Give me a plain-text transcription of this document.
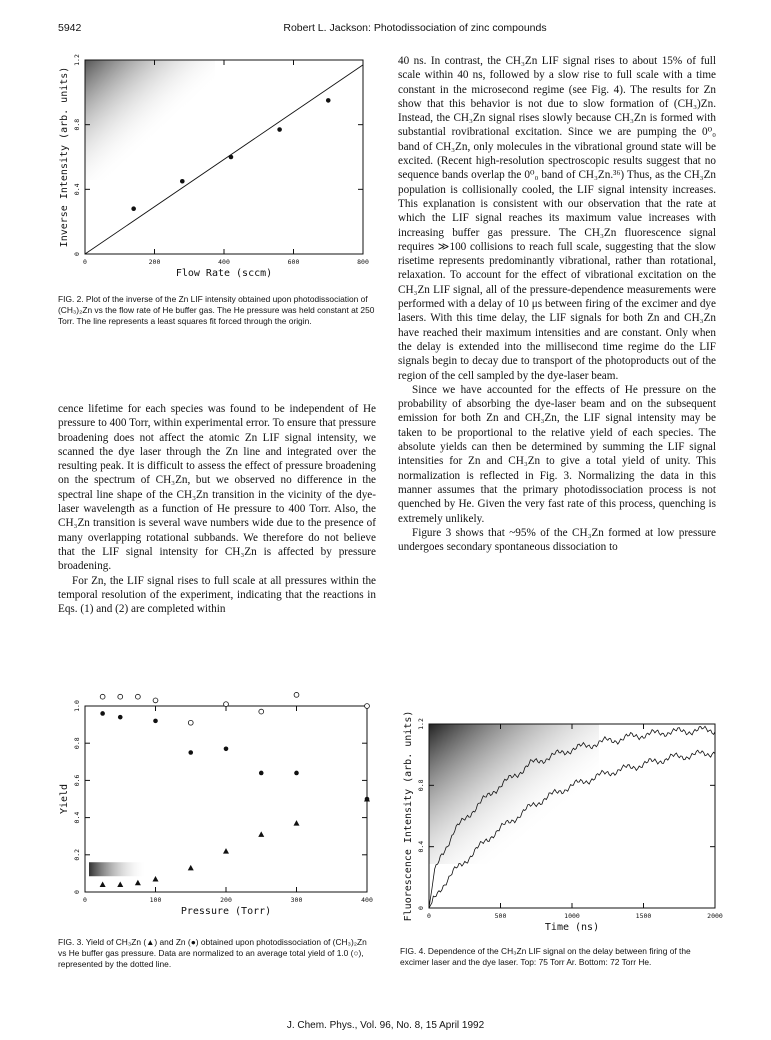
5942	Robert L. Jackson: Photodissociation of zinc compounds
0	200	400	600	800
0
0.4
0.8
1.2
Flow Rate (sccm)
Inverse Intensity (arb. units)
FIG. 2. Plot of the inverse of the Zn LIF intensity obtained upon photodissociation of (CH₃)₂Zn vs the flow rate of He buffer gas. The He pressure was held constant at 250 Torr. The line represents a least squares fit forced through the origin.

cence lifetime for each species was found to be independent of He pressure to 400 Torr, within experimental error. To ensure that pressure broadening does not affect the atomic Zn LIF signal intensity, we scanned the dye laser through the Zn line and integrated over the resulting peak. It is difficult to assess the effect of pressure broadening on the spectrum of CH₃Zn, but we observed no difference in the spectral line shape of the CH₃Zn transition in the vicinity of the dye-laser wavelength as a function of He pressure to 400 Torr. Also, the CH₃Zn transition is several wave numbers wide due to the presence of many overlapping rotational subbands. We therefore do not believe that the LIF signal intensity for CH₃Zn is affected by pressure broadening.

For Zn, the LIF signal rises to full scale at all pressures within the temporal resolution of the experiment, indicating that the reactions in Eqs. (1) and (2) are completed within

40 ns. In contrast, the CH₃Zn LIF signal rises to about 15% of full scale within 40 ns, followed by a slow rise to full scale with a time constant in the microsecond regime (see Fig. 4). The results for Zn show that this behavior is not due to slow formation of (CH₃)Zn. Instead, the CH₃Zn signal rises slowly because CH₃Zn is formed with substantial rovibrational excitation. Since we are pumping the 0⁰₀ band of CH₃Zn, only molecules in the vibrational ground state will be excited. (Recent high-resolution spectroscopic results suggest that no sequence bands overlap the 0⁰₀ band of CH₃Zn.³⁶) Thus, as the CH₃Zn population is collisionally cooled, the LIF signal intensity increases. This explanation is consistent with our observation that the rate at which the LIF signal reaches its maximum value increases with increasing buffer gas pressure. The CH₃Zn fluorescence signal requires ≫100 collisions to reach full scale, suggesting that the slow risetime represents predominantly vibrational, rather than rotational, relaxation. To account for the effect of vibrational excitation on the CH₃Zn LIF signal, all of the pressure-dependence measurements were performed with a delay of 10 μs between firing of the excimer and dye lasers. With this time delay, the LIF signals for both Zn and CH₃Zn have reached their maximum intensities and are constant. Only when the delay is extended into the millisecond time regime do the LIF signals begin to decay due to transport of the photoproducts out of the region of the cell sampled by the dye-laser beam.

Since we have accounted for the effects of He pressure on the probability of absorbing the dye-laser beam and on the subsequent emission for both Zn and CH₃Zn, the LIF signal intensity may be taken to be proportional to the relative yield of each species. The absolute yields can then be determined by summing the LIF signal intensities for Zn and CH₃Zn to give a total yield of unity. This normalization is reflected in Fig. 3. Normalizing the data in this manner assumes that the primary photodissociation process is not quenched by He. Given the very fast rate of this process, quenching is extremely unlikely.

Figure 3 shows that ~95% of the CH₃Zn formed at low pressure undergoes secondary spontaneous dissociation to

0	100	200	300	400
0
0.2
0.4
0.6
0.8
1.0
Pressure (Torr)
Yield
FIG. 3. Yield of CH₃Zn (▲) and Zn (●) obtained upon photodissociation of (CH₃)₂Zn vs He buffer gas pressure. Data are normalized to an average total yield of 1.0 (○), represented by the dotted line.
0	500	1000	1500	2000
0
0.4
0.8
1.2
Time (ns)
Fluorescence Intensity (arb. units)
FIG. 4. Dependence of the CH₃Zn LIF signal on the delay between firing of the excimer laser and the dye laser. Top: 75 Torr Ar. Bottom: 72 Torr He.
J. Chem. Phys., Vol. 96, No. 8, 15 April 1992
